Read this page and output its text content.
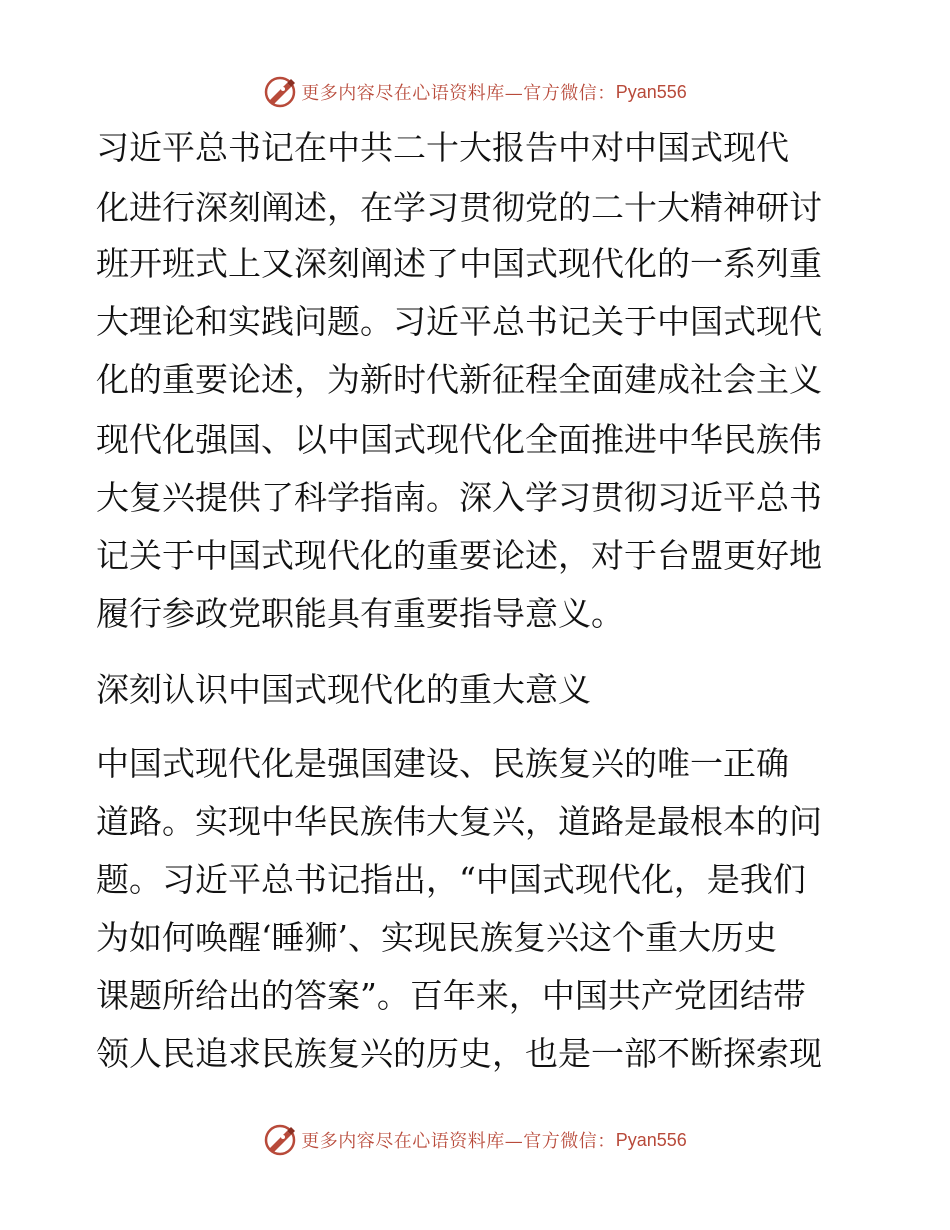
更多内容尽在心语资料库—官方微信： Pyan556
习近平总书记在中共二十大报告中对中国式现代
化进行深刻阐述，在学习贯彻党的二十大精神研讨
班开班式上又深刻阐述了中国式现代化的一系列重
大理论和实践问题。习近平总书记关于中国式现代
化的重要论述，为新时代新征程全面建成社会主义
现代化强国、以中国式现代化全面推进中华民族伟
大复兴提供了科学指南。深入学习贯彻习近平总书
记关于中国式现代化的重要论述，对于台盟更好地
履行参政党职能具有重要指导意义。
深刻认识中国式现代化的重大意义
中国式现代化是强国建设、民族复兴的唯一正确
道路。实现中华民族伟大复兴，道路是最根本的问
题。习近平总书记指出，“中国式现代化，是我们
为如何唤醒‘睡狮’、实现民族复兴这个重大历史
课题所给出的答案”。百年来，中国共产党团结带
领人民追求民族复兴的历史，也是一部不断探索现
更多内容尽在心语资料库—官方微信： Pyan556
